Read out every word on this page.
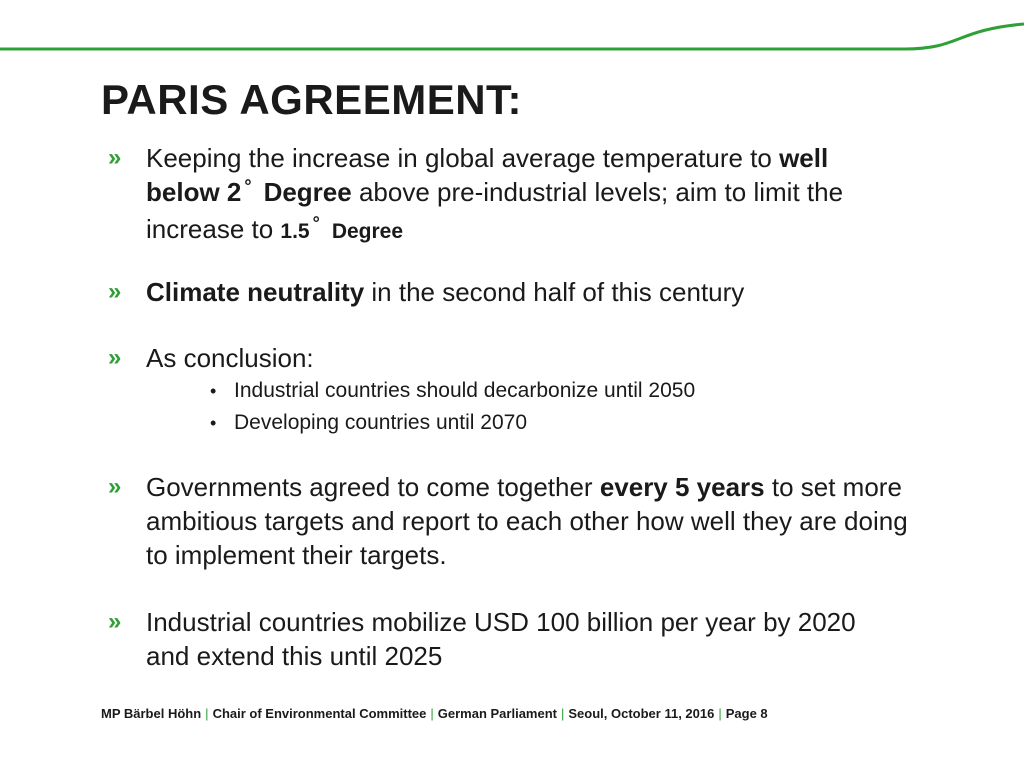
PARIS AGREEMENT:
» Keeping the increase in global average temperature to well below 2 ° Degree above pre-industrial levels; aim to limit the increase to 1.5 ° Degree
» Climate neutrality in the second half of this century
» As conclusion:
• Industrial countries should decarbonize until 2050
• Developing countries until 2070
» Governments agreed to come together every 5 years to set more ambitious targets and report to each other how well they are doing to implement their targets.
» Industrial countries mobilize USD 100 billion per year by 2020 and extend this until 2025
MP Bärbel Höhn | Chair of Environmental Committee | German Parliament | Seoul, October 11, 2016 | Page 8
